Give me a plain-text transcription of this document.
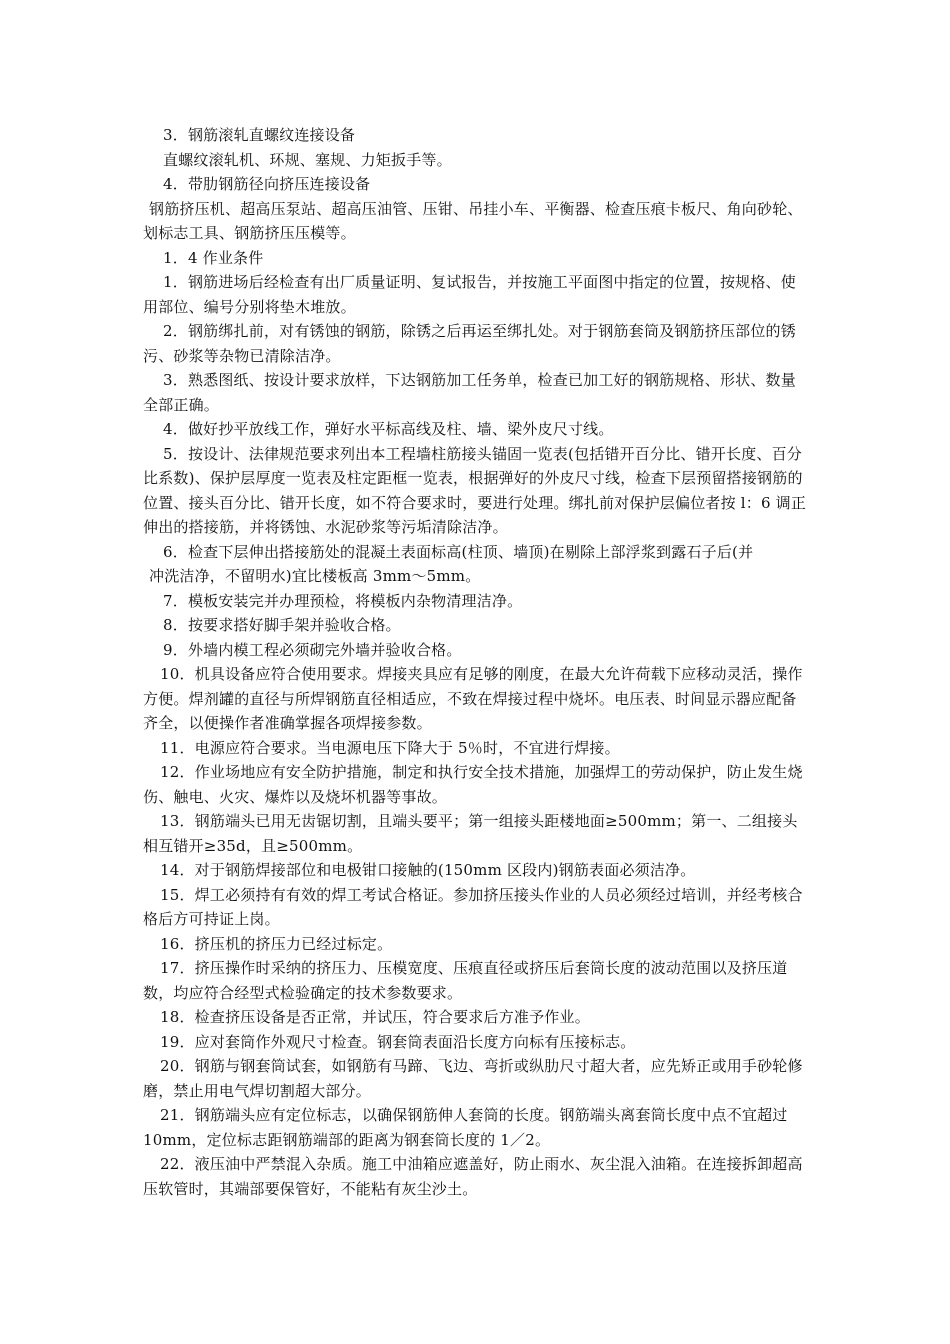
3．钢筋滚轧直螺纹连接设备

直螺纹滚轧机、环规、塞规、力矩扳手等。

4．带肋钢筋径向挤压连接设备

钢筋挤压机、超高压泵站、超高压油管、压钳、吊挂小车、平衡器、检查压痕卡板尺、角向砂轮、划标志工具、钢筋挤压压模等。

1．4 作业条件

1．钢筋进场后经检查有出厂质量证明、复试报告，并按施工平面图中指定的位置，按规格、使用部位、编号分别将垫木堆放。

2．钢筋绑扎前，对有锈蚀的钢筋，除锈之后再运至绑扎处。对于钢筋套筒及钢筋挤压部位的锈污、砂浆等杂物已清除洁净。

3．熟悉图纸、按设计要求放样，下达钢筋加工任务单，检查已加工好的钢筋规格、形状、数量全部正确。

4．做好抄平放线工作，弹好水平标高线及柱、墙、梁外皮尺寸线。

5．按设计、法律规范要求列出本工程墙柱筋接头锚固一览表(包括错开百分比、错开长度、百分比系数)、保护层厚度一览表及柱定距框一览表，根据弹好的外皮尺寸线，检查下层预留搭接钢筋的位置、接头百分比、错开长度，如不符合要求时，要进行处理。绑扎前对保护层偏位者按 l：6 调正伸出的搭接筋，并将锈蚀、水泥砂浆等污垢清除洁净。

6．检查下层伸出搭接筋处的混凝土表面标高(柱顶、墙顶)在剔除上部浮浆到露石子后(并

冲洗洁净，不留明水)宜比楼板高 3mm～5mm。

7．模板安装完并办理预检，将模板内杂物清理洁净。

8．按要求搭好脚手架并验收合格。

9．外墙内模工程必须砌完外墙并验收合格。

10．机具设备应符合使用要求。焊接夹具应有足够的刚度，在最大允许荷载下应移动灵活，操作方便。焊剂罐的直径与所焊钢筋直径相适应，不致在焊接过程中烧坏。电压表、时间显示器应配备齐全，以便操作者准确掌握各项焊接参数。

11．电源应符合要求。当电源电压下降大于 5％时，不宜进行焊接。

12．作业场地应有安全防护措施，制定和执行安全技术措施，加强焊工的劳动保护，防止发生烧伤、触电、火灾、爆炸以及烧坏机器等事故。

13．钢筋端头已用无齿锯切割，且端头要平；第一组接头距楼地面≥500mm；第一、二组接头相互错开≥35d，且≥500mm。

14．对于钢筋焊接部位和电极钳口接触的(150mm 区段内)钢筋表面必须洁净。

15．焊工必须持有有效的焊工考试合格证。参加挤压接头作业的人员必须经过培训，并经考核合格后方可持证上岗。

16．挤压机的挤压力已经过标定。

17．挤压操作时采纳的挤压力、压模宽度、压痕直径或挤压后套筒长度的波动范围以及挤压道数，均应符合经型式检验确定的技术参数要求。

18．检查挤压设备是否正常，并试压，符合要求后方准予作业。

19．应对套筒作外观尺寸检查。钢套筒表面沿长度方向标有压接标志。

20．钢筋与钢套筒试套，如钢筋有马蹄、飞边、弯折或纵肋尺寸超大者，应先矫正或用手砂轮修磨，禁止用电气焊切割超大部分。

21．钢筋端头应有定位标志，以确保钢筋伸人套筒的长度。钢筋端头离套筒长度中点不宜超过 10mm，定位标志距钢筋端部的距离为钢套筒长度的 1／2。

22．液压油中严禁混入杂质。施工中油箱应遮盖好，防止雨水、灰尘混入油箱。在连接拆卸超高压软管时，其端部要保管好，不能粘有灰尘沙土。
